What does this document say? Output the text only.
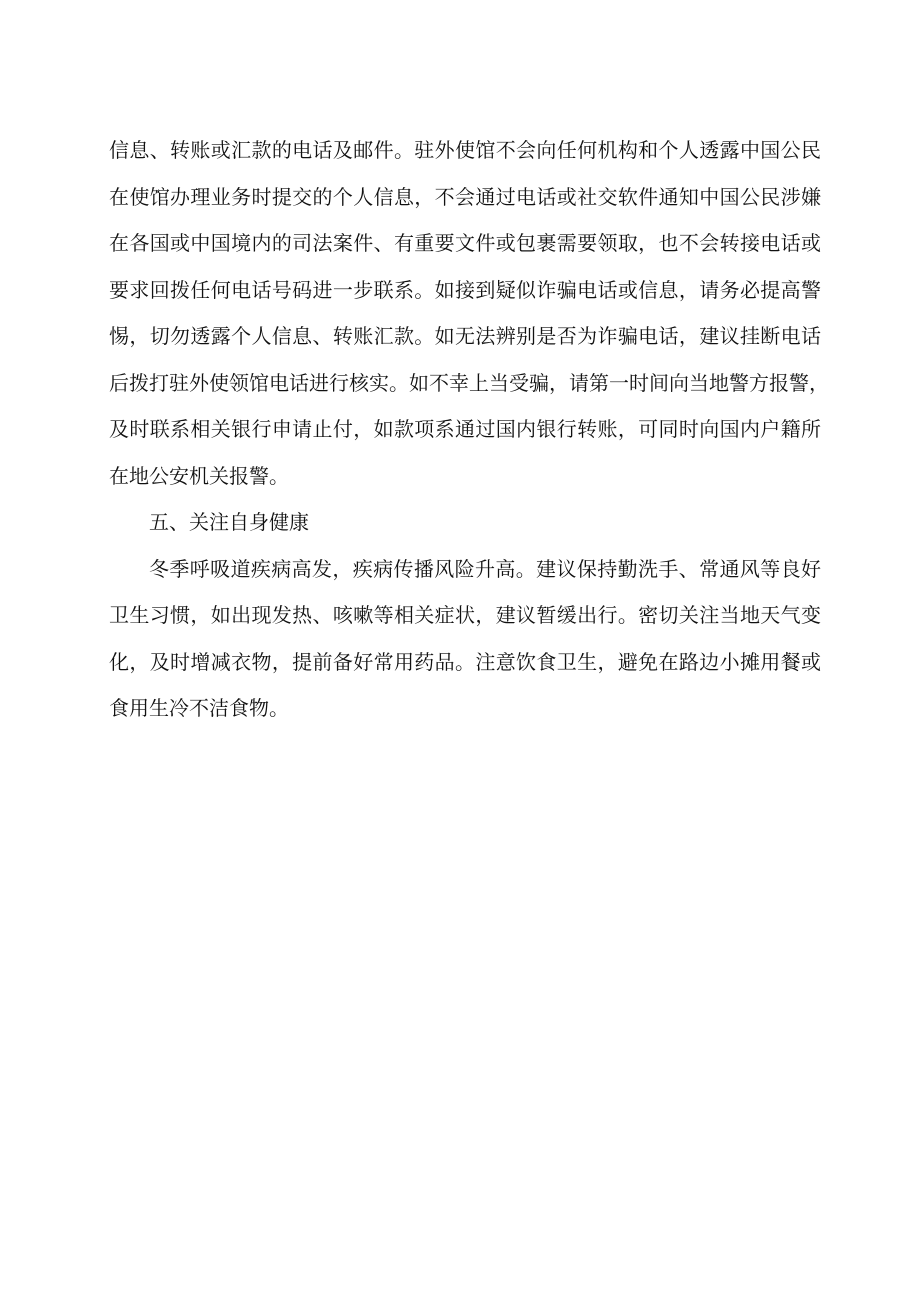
信息、转账或汇款的电话及邮件。驻外使馆不会向任何机构和个人透露中国公民
在使馆办理业务时提交的个人信息，不会通过电话或社交软件通知中国公民涉嫌
在各国或中国境内的司法案件、有重要文件或包裹需要领取，也不会转接电话或
要求回拨任何电话号码进一步联系。如接到疑似诈骗电话或信息，请务必提高警
惕，切勿透露个人信息、转账汇款。如无法辨别是否为诈骗电话，建议挂断电话
后拨打驻外使领馆电话进行核实。如不幸上当受骗，请第一时间向当地警方报警，
及时联系相关银行申请止付，如款项系通过国内银行转账，可同时向国内户籍所
在地公安机关报警。
五、关注自身健康
冬季呼吸道疾病高发，疾病传播风险升高。建议保持勤洗手、常通风等良好
卫生习惯，如出现发热、咳嗽等相关症状，建议暂缓出行。密切关注当地天气变
化，及时增减衣物，提前备好常用药品。注意饮食卫生，避免在路边小摊用餐或
食用生冷不洁食物。
